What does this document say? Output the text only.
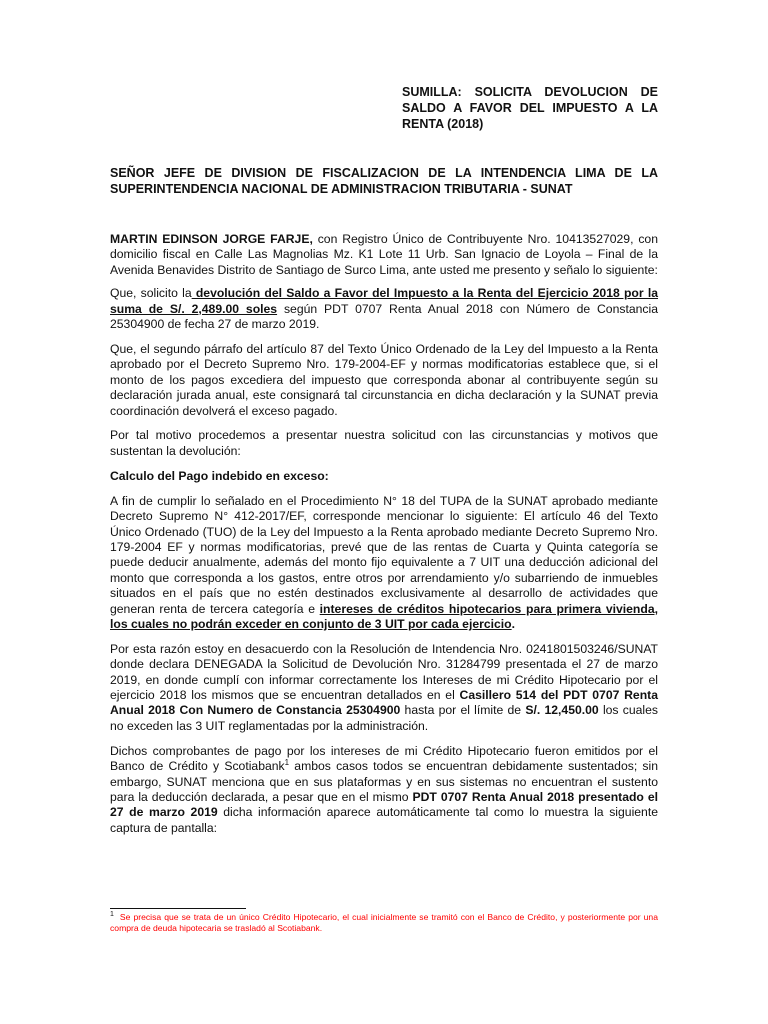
SUMILLA: SOLICITA DEVOLUCION DE SALDO A FAVOR DEL IMPUESTO A LA RENTA (2018)
SEÑOR JEFE DE DIVISION DE FISCALIZACION DE LA INTENDENCIA LIMA DE LA SUPERINTENDENCIA NACIONAL DE ADMINISTRACION TRIBUTARIA - SUNAT

MARTIN EDINSON JORGE FARJE, con Registro Único de Contribuyente Nro. 10413527029, con domicilio fiscal en Calle Las Magnolias Mz. K1 Lote 11 Urb. San Ignacio de Loyola – Final de la Avenida Benavides Distrito de Santiago de Surco Lima, ante usted me presento y señalo lo siguiente:

Que, solicito la devolución del Saldo a Favor del Impuesto a la Renta del Ejercicio 2018 por la suma de S/. 2,489.00 soles según PDT 0707 Renta Anual 2018 con Número de Constancia 25304900 de fecha 27 de marzo 2019.

Que, el segundo párrafo del artículo 87 del Texto Único Ordenado de la Ley del Impuesto a la Renta aprobado por el Decreto Supremo Nro. 179-2004-EF y normas modificatorias establece que, si el monto de los pagos excediera del impuesto que corresponda abonar al contribuyente según su declaración jurada anual, este consignará tal circunstancia en dicha declaración y la SUNAT previa coordinación devolverá el exceso pagado.

Por tal motivo procedemos a presentar nuestra solicitud con las circunstancias y motivos que sustentan la devolución:

Calculo del Pago indebido en exceso:

A fin de cumplir lo señalado en el Procedimiento N° 18 del TUPA de la SUNAT aprobado mediante Decreto Supremo N° 412-2017/EF, corresponde mencionar lo siguiente: El artículo 46 del Texto Único Ordenado (TUO) de la Ley del Impuesto a la Renta aprobado mediante Decreto Supremo Nro. 179-2004 EF y normas modificatorias, prevé que de las rentas de Cuarta y Quinta categoría se puede deducir anualmente, además del monto fijo equivalente a 7 UIT una deducción adicional del monto que corresponda a los gastos, entre otros por arrendamiento y/o subarriendo de inmuebles situados en el país que no estén destinados exclusivamente al desarrollo de actividades que generan renta de tercera categoría e intereses de créditos hipotecarios para primera vivienda, los cuales no podrán exceder en conjunto de 3 UIT por cada ejercicio.

Por esta razón estoy en desacuerdo con la Resolución de Intendencia Nro. 0241801503246/SUNAT donde declara DENEGADA la Solicitud de Devolución Nro. 31284799 presentada el 27 de marzo 2019, en donde cumplí con informar correctamente los Intereses de mi Crédito Hipotecario por el ejercicio 2018 los mismos que se encuentran detallados en el Casillero 514 del PDT 0707 Renta Anual 2018 Con Numero de Constancia 25304900 hasta por el límite de S/. 12,450.00 los cuales no exceden las 3 UIT reglamentadas por la administración.

Dichos comprobantes de pago por los intereses de mi Crédito Hipotecario fueron emitidos por el Banco de Crédito y Scotiabank$^1$ ambos casos todos se encuentran debidamente sustentados; sin embargo, SUNAT menciona que en sus plataformas y en sus sistemas no encuentran el sustento para la deducción declarada, a pesar que en el mismo PDT 0707 Renta Anual 2018 presentado el 27 de marzo 2019 dicha información aparece automáticamente tal como lo muestra la siguiente captura de pantalla:

$^1$ Se precisa que se trata de un único Crédito Hipotecario, el cual inicialmente se tramitó con el Banco de Crédito, y posteriormente por una compra de deuda hipotecaria se trasladó al Scotiabank.
